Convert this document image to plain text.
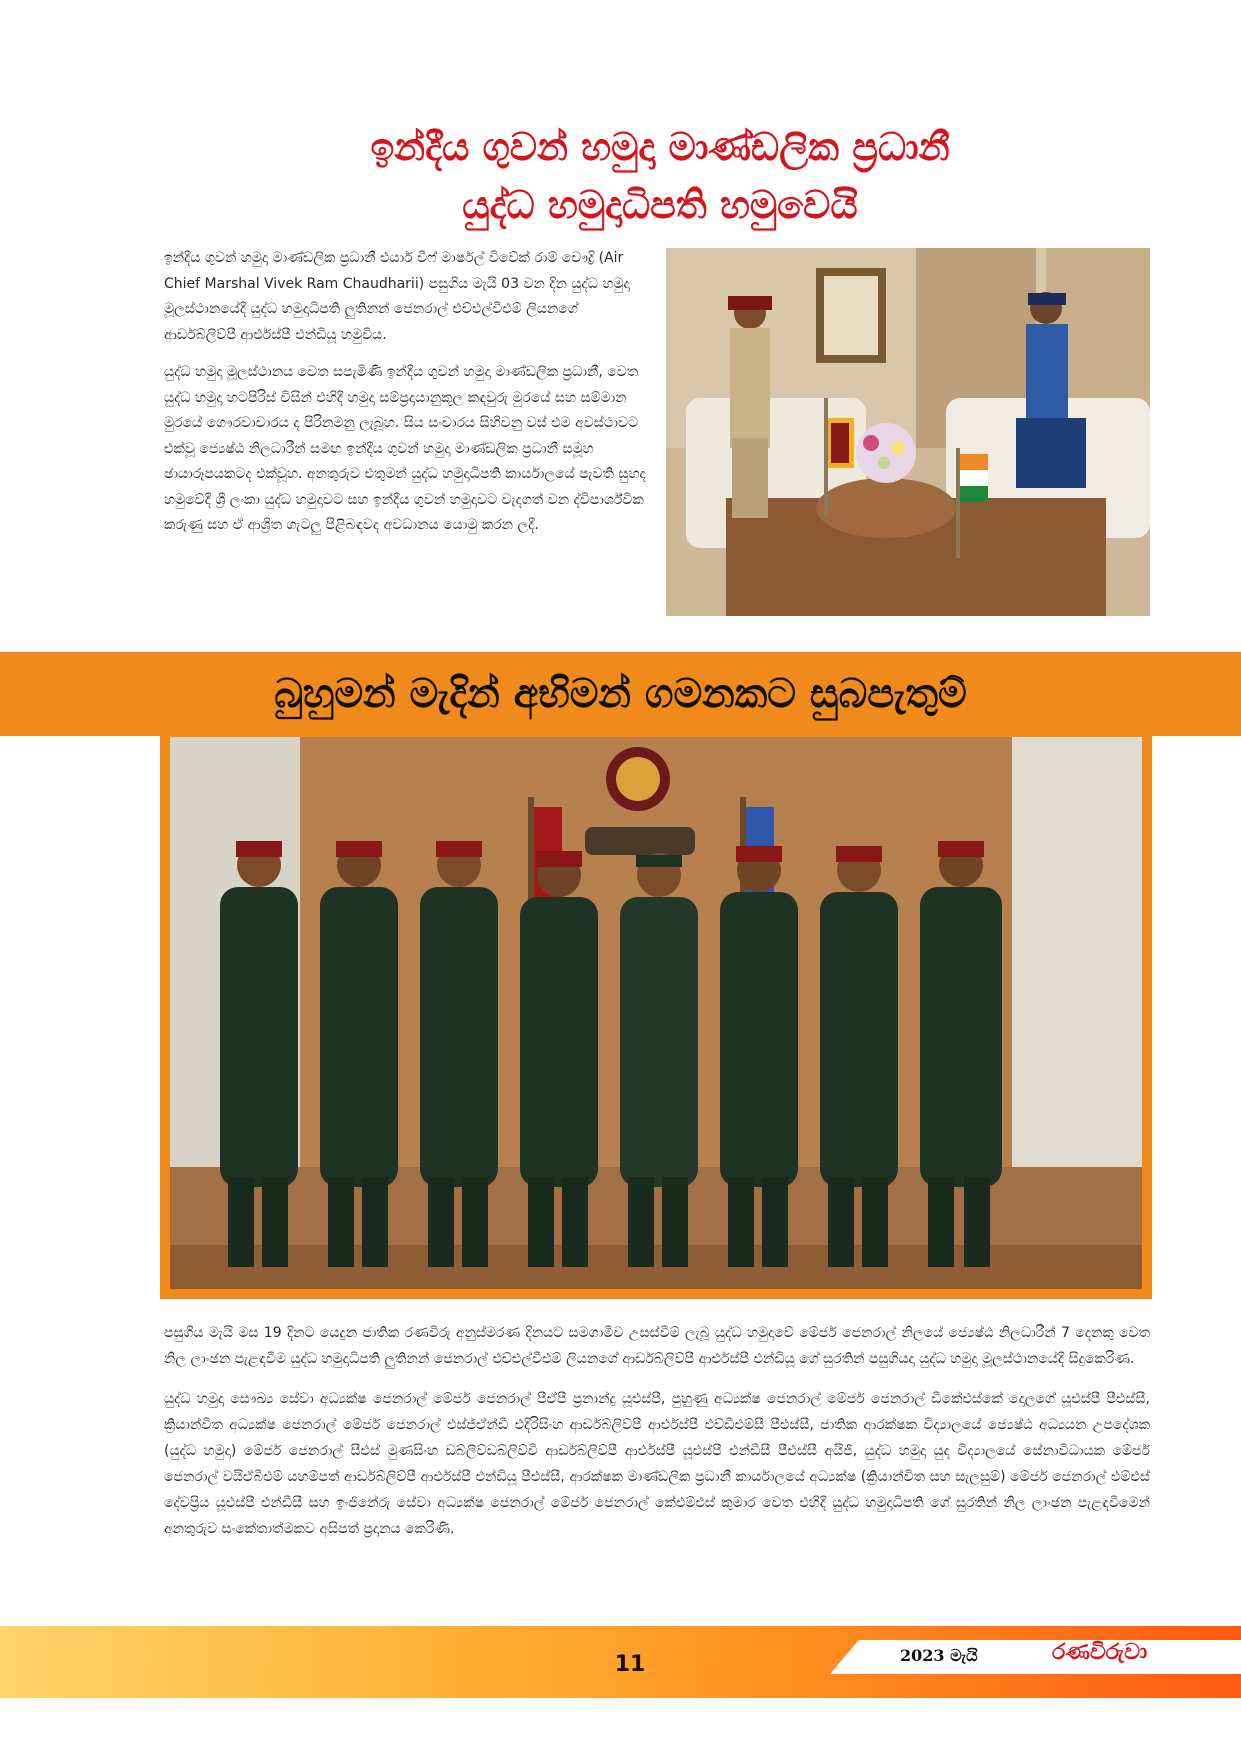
ඉන්දීය ගුවන් හමුදා මාණ්ඩලික ප්‍රධානී
යුද්ධ හමුදාධිපති හමුවෙයි

ඉන්දීය ගුවන් හමුදා මාණ්ඩලික ප්‍රධානී එයාර් චීෆ් මාර්ෂල් විවේක් රාම් චෞද්‍රි (Air Chief Marshal Vivek Ram Chaudharii) පසුගිය මැයි 03 වන දින යුද්ධ හමුදා මූලස්ථානයේදී යුද්ධ හමුදාධිපති ලුතිනන් ජෙනරාල් එච්එල්වීඑම් ලියනගේ ආර්ඩබ්ලිව්පී ආර්එස්පී එන්ඩියූ හමුවිය.

යුද්ධ හමුදා මූලස්ථානය වෙත සපැමිණි ඉන්දීය ගුවන් හමුදා මාණ්ඩලික ප්‍රධානී, වෙත යුද්ධ හමුදා හටපිරිස් විසින් එහිදී හමුදා සම්ප්‍රදායානුකූල කඳවුරු මුරයේ සහ සම්මාන මුරයේ ගෞරවාචාරය ද පිරිනමනු ලැබූහ. සිය සංචාරය සිහිවනු වස් එම අවස්ථාවට එක්වූ ජ්‍යෙෂ්ඨ නිලධාරීන් සමඟ ඉන්දීය ගුවන් හමුදා මාණ්ඩලික ප්‍රධානී සමූහ ඡායාරූපයකටද එක්වූහ. අනතුරුව එතුමන් යුද්ධ හමුදාධිපති කාර්යාලයේ පැවති සුහද හමුවේදී ශ්‍රී ලංකා යුද්ධ හමුදාවට සහ ඉන්දීය ගුවන් හමුදාවට වැදගත් වන ද්විපාර්ශ්වික කරුණු සහ ඒ ආශ්‍රිත ගැටලු පිළිබඳවද අවධානය යොමු කරන ලදී.

බුහුමන් මැදින් අභිමන් ගමනකට සුබපැතුම්

පසුගිය මැයි මස 19 දිනට යෙදුන ජාතික රණවිරු අනුස්මරණ දිනයට සමගාමීව උසස්වීම් ලැබූ යුද්ධ හමුදාවේ මේජර් ජෙනරාල් නිලයේ ජ්‍යෙෂ්ඨ නිලධාරීන් 7 දෙනකු වෙත නිල ලාංඡන පැළඳවීම යුද්ධ හමුදාධිපති ලුතිනන් ජෙනරාල් එච්එල්වීඑම් ලියනගේ ආර්ඩබ්ලිව්පී ආර්එස්පී එන්ඩියූ ගේ සුරතින් පසුගියදා යුද්ධ හමුදා මූලස්ථානයේදී සිදුකෙරිණ.

යුද්ධ හමුදා සෞඛ්‍ය සේවා අධ්‍යක්ෂ ජෙනරාල් මේජර් ජෙනරාල් පීඒපී ප්‍රනාන්දු යූඑස්පී, පුහුණු අධ්‍යක්ෂ ජෙනරාල් මේජර් ජෙනරාල් ඩීකේඑස්කේ දොලගේ යූඑස්පී පීඑස්සී, ක්‍රියාන්විත අධ්‍යක්ෂ ජෙනරාල් මේජර් ජෙනරාල් එස්ජ්ඒන්ඩී එදිරිසිංහ ආර්ඩබ්ලිව්පී ආර්එස්පී එච්ඩීඑම්සී පීඑස්සී, ජාතික ආරක්ෂක විද්‍යාලයේ ජ්‍යෙෂ්ඨ අධ්‍යයන උපදේශක (යුද්ධ හමුදා) මේජර් ජෙනරාල් සීඑස් මුණසිංහ ඩබ්ලිව්ඩබ්ලිව්වී ආර්ඩබ්ලිව්පී ආර්එස්පී යූඑස්පී එන්ඩීසී පීඑස්සී අයිජී, යුද්ධ හමුදා යුද විද්‍යාලයේ සේනාවිධායක මේජර් ජෙනරාල් වයිඒබීඑම් යහම්පත් ආර්ඩබ්ලිව්පී ආර්එස්පී එන්ඩියූ පීඑස්සී, ආරක්ෂක මාණ්ඩලික ප්‍රධානී කාර්යාලයේ අධ්‍යක්ෂ (ක්‍රියාන්විත සහ සැලසුම්) මේජර් ජෙනරාල් එම්එස් දේවප්‍රිය යූඑස්පී එන්ඩීසී සහ ඉංජිනේරු සේවා අධ්‍යක්ෂ ජෙනරාල් මේජර් ජෙනරාල් කේඑම්එස් කුමාර වෙත එහිදී යුද්ධ හමුදාධිපති ගේ සුරතින් නිල ලාංඡන පැළඳවීමෙන් අනතුරුව සංකේතාත්මකව අසිපත් ප්‍රදානය කෙරිණි.

11	2023 මැයි	රණවිරුවා
